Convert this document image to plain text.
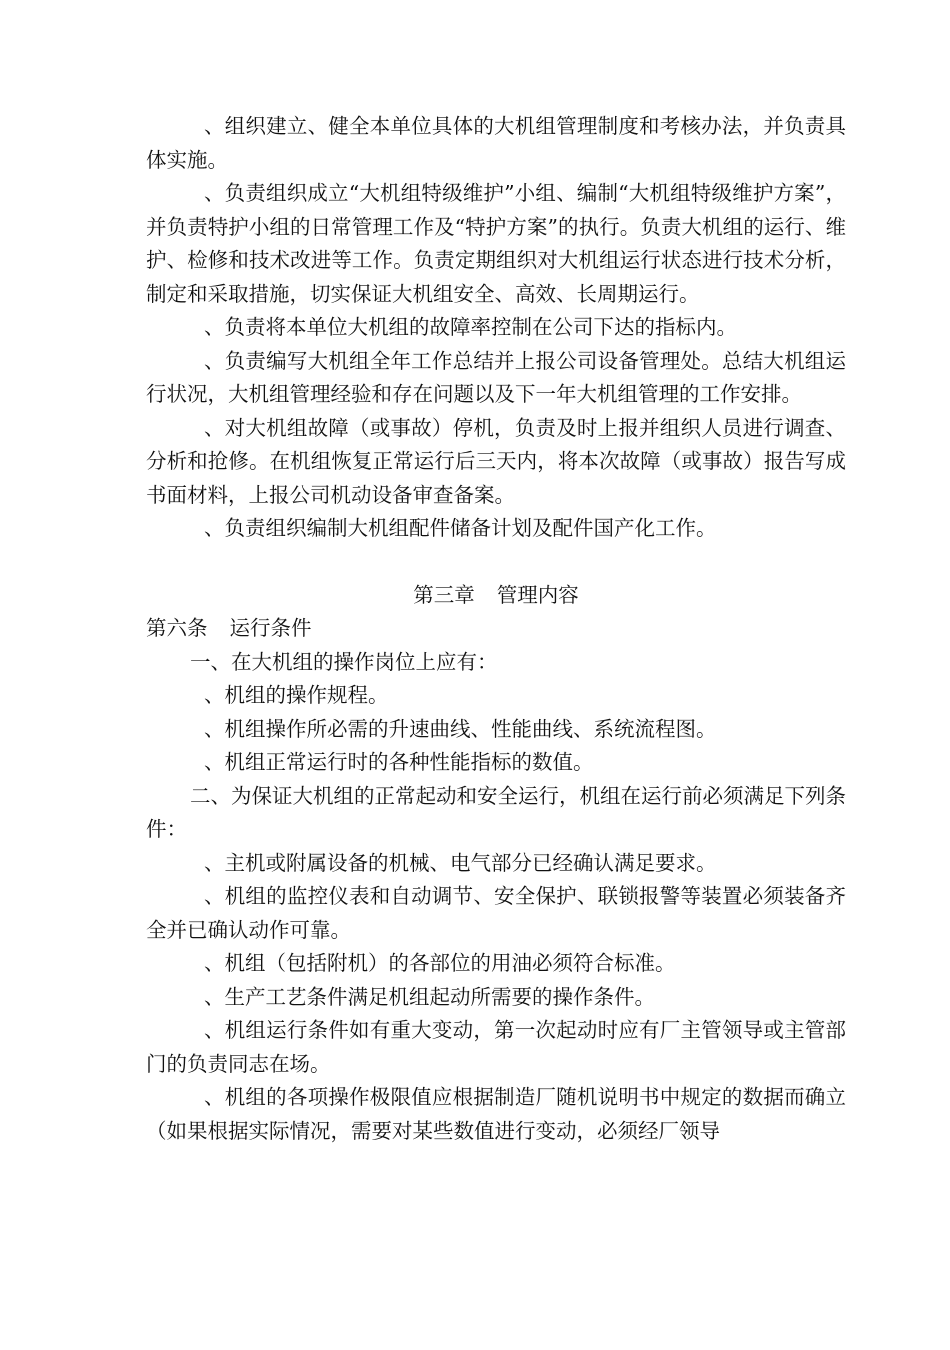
、组织建立、健全本单位具体的大机组管理制度和考核办法，并负责具体实施。

、负责组织成立“大机组特级维护”小组、编制“大机组特级维护方案”，并负责特护小组的日常管理工作及“特护方案”的执行。负责大机组的运行、维护、检修和技术改进等工作。负责定期组织对大机组运行状态进行技术分析，制定和采取措施，切实保证大机组安全、高效、长周期运行。

、负责将本单位大机组的故障率控制在公司下达的指标内。

、负责编写大机组全年工作总结并上报公司设备管理处。总结大机组运行状况，大机组管理经验和存在问题以及下一年大机组管理的工作安排。

、对大机组故障（或事故）停机，负责及时上报并组织人员进行调查、分析和抢修。在机组恢复正常运行后三天内，将本次故障（或事故）报告写成书面材料，上报公司机动设备审查备案。

、负责组织编制大机组配件储备计划及配件国产化工作。

第三章 管理内容

第六条 运行条件

一、在大机组的操作岗位上应有：

、机组的操作规程。

、机组操作所必需的升速曲线、性能曲线、系统流程图。

、机组正常运行时的各种性能指标的数值。

二、为保证大机组的正常起动和安全运行，机组在运行前必须满足下列条件：

、主机或附属设备的机械、电气部分已经确认满足要求。

、机组的监控仪表和自动调节、安全保护、联锁报警等装置必须装备齐全并已确认动作可靠。

、机组（包括附机）的各部位的用油必须符合标准。

、生产工艺条件满足机组起动所需要的操作条件。

、机组运行条件如有重大变动，第一次起动时应有厂主管领导或主管部门的负责同志在场。

、机组的各项操作极限值应根据制造厂随机说明书中规定的数据而确立（如果根据实际情况，需要对某些数值进行变动，必须经厂领导
